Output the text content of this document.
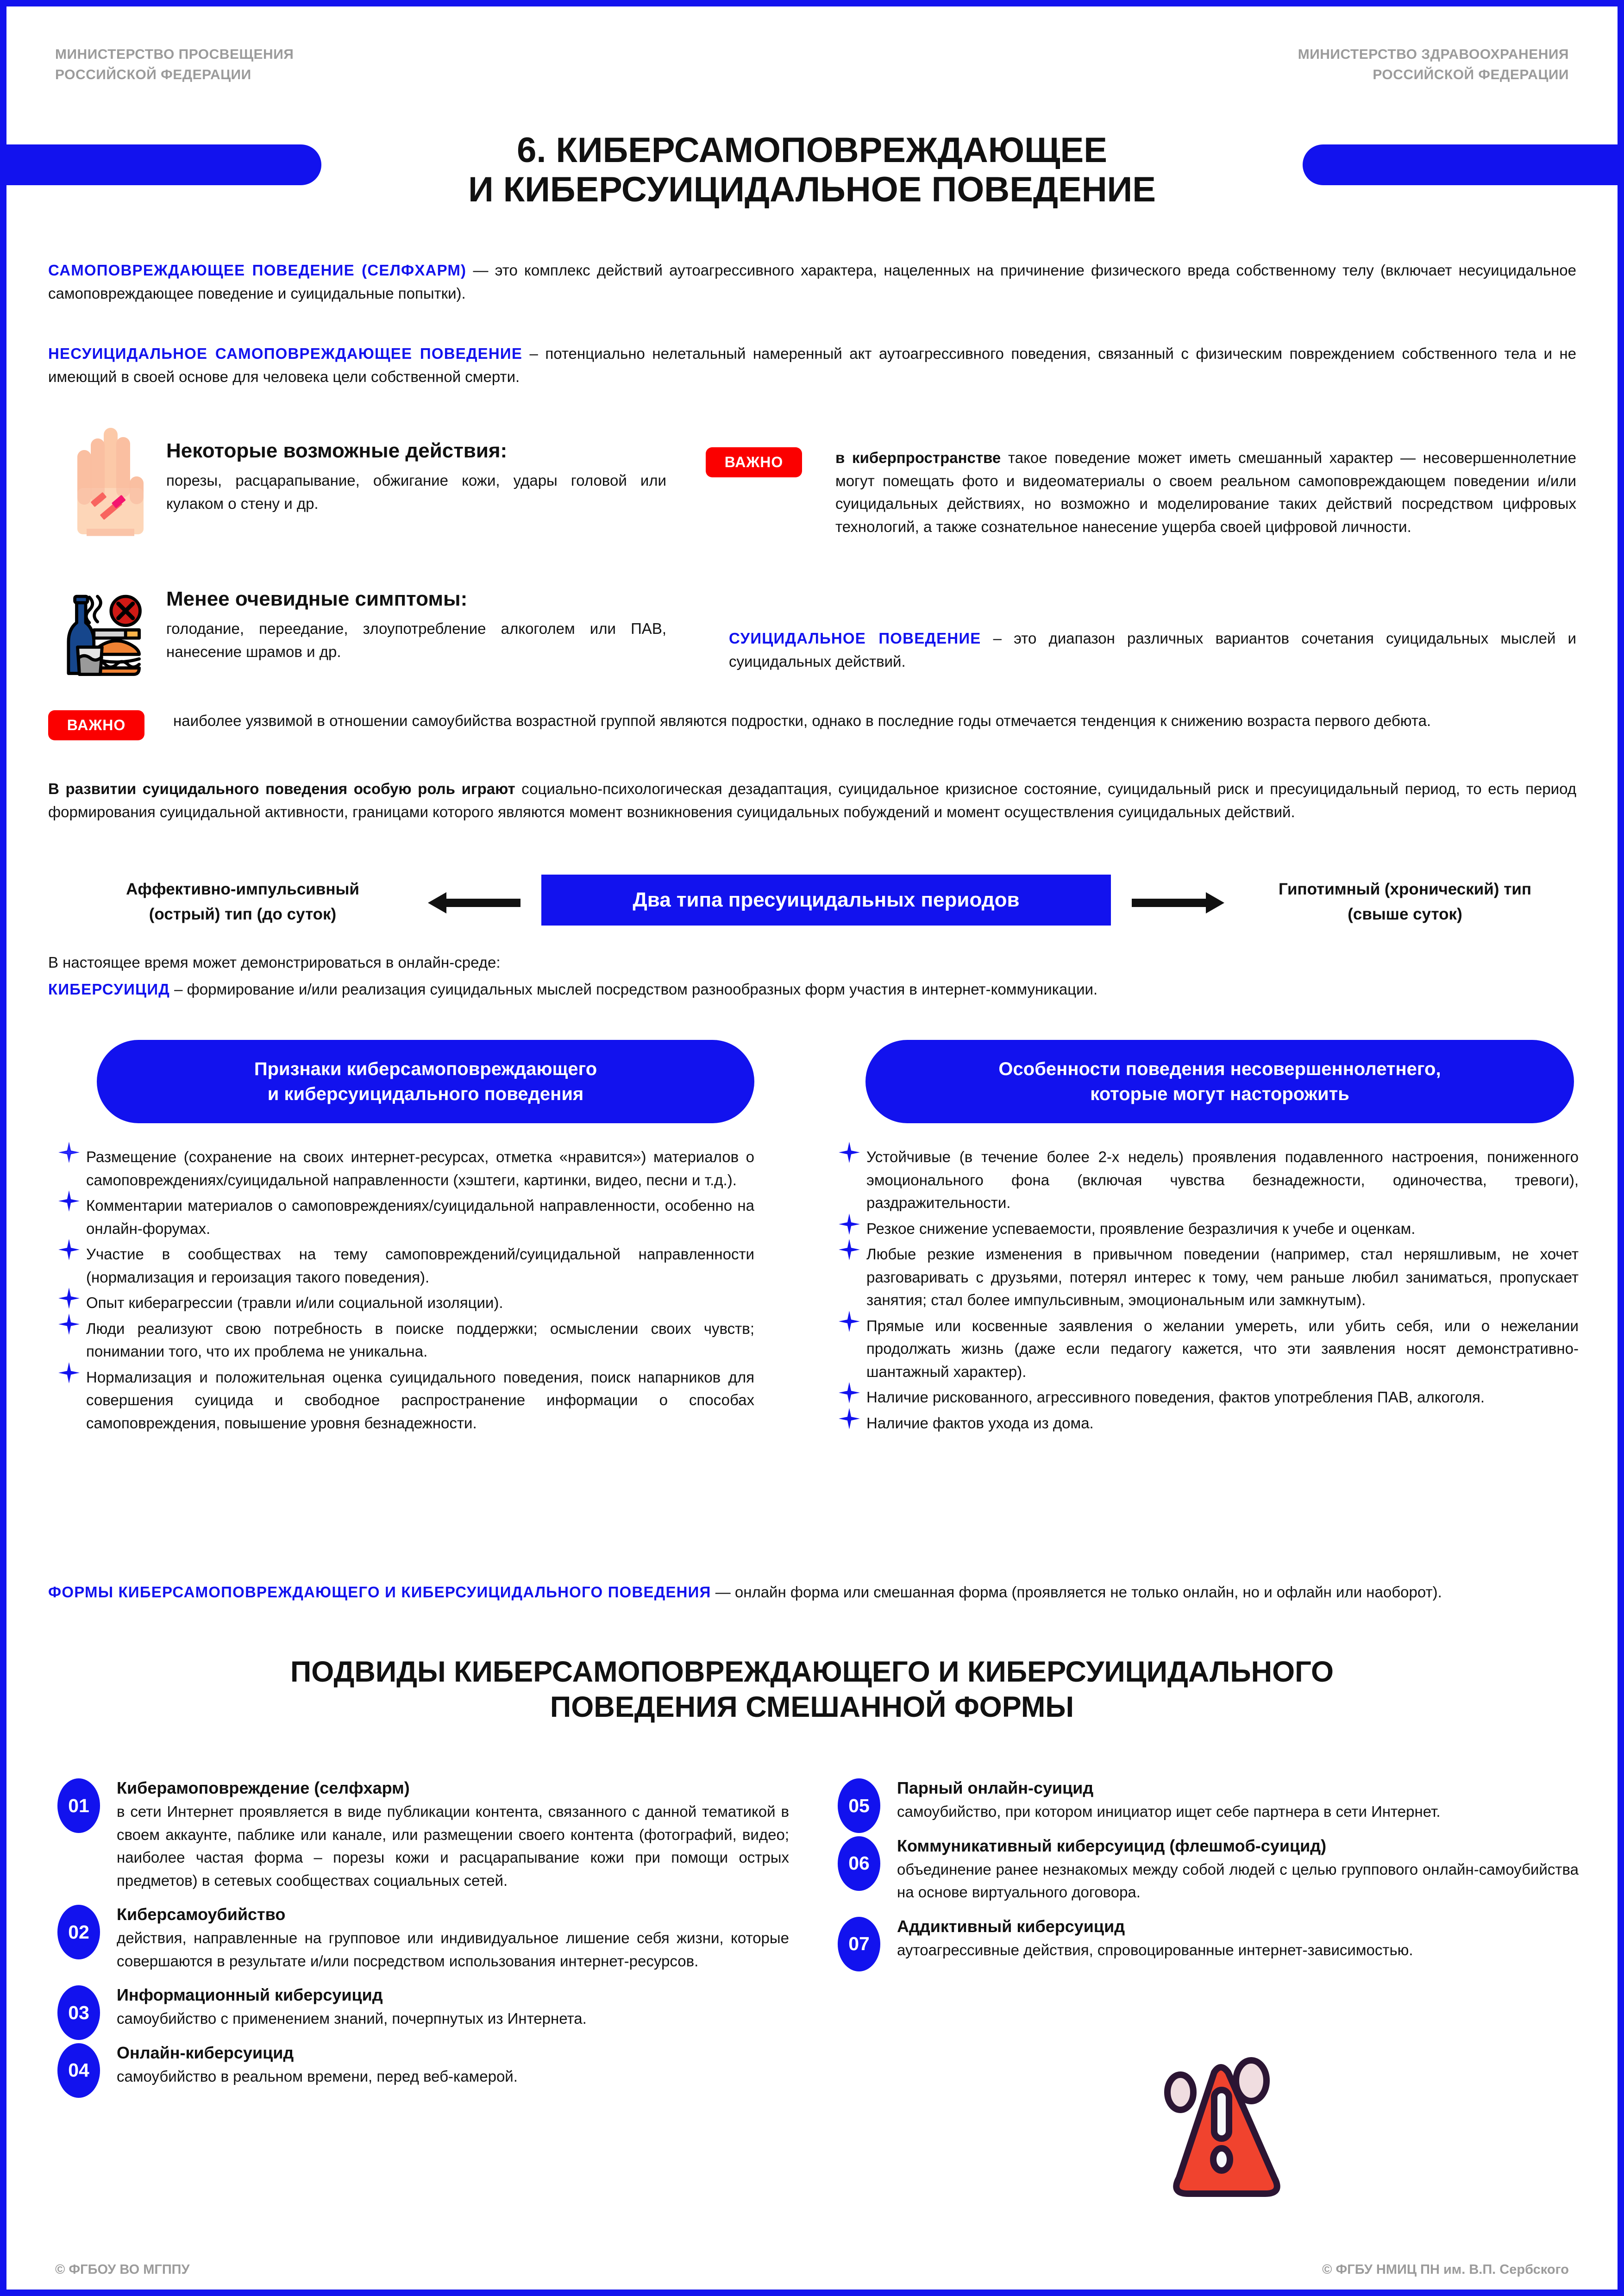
МИНИСТЕРСТВО ПРОСВЕЩЕНИЯ
РОССИЙСКОЙ ФЕДЕРАЦИИ
МИНИСТЕРСТВО ЗДРАВООХРАНЕНИЯ
РОССИЙСКОЙ ФЕДЕРАЦИИ
6. КИБЕРСАМОПОВРЕЖДАЮЩЕЕ
И КИБЕРСУИЦИДАЛЬНОЕ ПОВЕДЕНИЕ
САМОПОВРЕЖДАЮЩЕЕ ПОВЕДЕНИЕ (СЕЛФХАРМ) — это комплекс действий аутоагрессивного характера, нацеленных на причинение физического вреда собственному телу (включает несуицидальное самоповреждающее поведение и суицидальные попытки).
НЕСУИЦИДАЛЬНОЕ САМОПОВРЕЖДАЮЩЕЕ ПОВЕДЕНИЕ – потенциально нелетальный намеренный акт аутоагрессивного поведения, связанный с физическим повреждением собственного тела и не имеющий в своей основе для человека цели собственной смерти.
Некоторые возможные действия:
порезы, расцарапывание, обжигание кожи, удары головой или кулаком о стену и др.
Менее очевидные симптомы:
голодание, переедание, злоупотребление алкоголем или ПАВ, нанесение шрамов и др.
ВАЖНО	в киберпространстве такое поведение может иметь смешанный характер — несовершеннолетние могут помещать фото и видеоматериалы о своем реальном самоповреждающем поведении и/или суицидальных действиях, но возможно и моделирование таких действий посредством цифровых технологий, а также сознательное нанесение ущерба своей цифровой личности.
СУИЦИДАЛЬНОЕ ПОВЕДЕНИЕ – это диапазон различных вариантов сочетания суицидальных мыслей и суицидальных действий.
ВАЖНО	наиболее уязвимой в отношении самоубийства возрастной группой являются подростки, однако в последние годы отмечается тенденция к снижению возраста первого дебюта.
В развитии суицидального поведения особую роль играют социально-психологическая дезадаптация, суицидальное кризисное состояние, суицидальный риск и пресуицидальный период, то есть период формирования суицидальной активности, границами которого являются момент возникновения суицидальных побуждений и момент осуществления суицидальных действий.
Аффективно-импульсивный
(острый) тип (до суток)
Два типа пресуицидальных периодов	Гипотимный (хронический) тип
(свыше суток)
В настоящее время может демонстрироваться в онлайн-среде:
КИБЕРСУИЦИД – формирование и/или реализация суицидальных мыслей посредством разнообразных форм участия в интернет-коммуникации.
Признаки киберсамоповреждающего
и киберсуицидального поведения
Особенности поведения несовершеннолетнего,
которые могут насторожить
Размещение (сохранение на своих интернет-ресурсах, отметка «нравится») материалов о самоповреждениях/суицидальной направленности (хэштеги, картинки, видео, песни и т.д.).
Комментарии материалов о самоповреждениях/суицидальной направленности, особенно на онлайн-форумах.
Участие в сообществах на тему самоповреждений/суицидальной направленности (нормализация и героизация такого поведения).
Опыт киберагрессии (травли и/или социальной изоляции).
Люди реализуют свою потребность в поиске поддержки; осмыслении своих чувств; понимании того, что их проблема не уникальна.
Нормализация и положительная оценка суицидального поведения, поиск напарников для совершения суицида и свободное распространение информации о способах самоповреждения, повышение уровня безнадежности.
Устойчивые (в течение более 2-х недель) проявления подавленного настроения, пониженного эмоционального фона (включая чувства безнадежности, одиночества, тревоги), раздражительности.
Резкое снижение успеваемости, проявление безразличия к учебе и оценкам.
Любые резкие изменения в привычном поведении (например, стал неряшливым, не хочет разговаривать с друзьями, потерял интерес к тому, чем раньше любил заниматься, пропускает занятия; стал более импульсивным, эмоциональным или замкнутым).
Прямые или косвенные заявления о желании умереть, или убить себя, или о нежелании продолжать жизнь (даже если педагогу кажется, что эти заявления носят демонстративно-шантажный характер).
Наличие рискованного, агрессивного поведения, фактов употребления ПАВ, алкоголя.
Наличие фактов ухода из дома.
ФОРМЫ КИБЕРСАМОПОВРЕЖДАЮЩЕГО И КИБЕРСУИЦИДАЛЬНОГО ПОВЕДЕНИЯ — онлайн форма или смешанная форма (проявляется не только онлайн, но и офлайн или наоборот).
ПОДВИДЫ КИБЕРСАМОПОВРЕЖДАЮЩЕГО И КИБЕРСУИЦИДАЛЬНОГО
ПОВЕДЕНИЯ СМЕШАННОЙ ФОРМЫ
01
Киберамоповреждение (селфхарм)
в сети Интернет проявляется в виде публикации контента, связанного с данной тематикой в своем аккаунте, паблике или канале, или размещении своего контента (фотографий, видео; наиболее частая форма – порезы кожи и расцарапывание кожи при помощи острых предметов) в сетевых сообществах социальных сетей.
02
Киберсамоубийство
действия, направленные на групповое или индивидуальное лишение себя жизни, которые совершаются в результате и/или посредством использования интернет-ресурсов.
03
Информационный киберсуицид
самоубийство с применением знаний, почерпнутых из Интернета.
04
Онлайн-киберсуицид
самоубийство в реальном времени, перед веб-камерой.
05
Парный онлайн-суицид
самоубийство, при котором инициатор ищет себе партнера в сети Интернет.
06
Коммуникативный киберсуицид (флешмоб-суицид)
объединение ранее незнакомых между собой людей с целью группового онлайн-самоубийства на основе виртуального договора.
07
Аддиктивный киберсуицид
аутоагрессивные действия, спровоцированные интернет-зависимостью.
© ФГБОУ ВО МГППУ	© ФГБУ НМИЦ ПН им. В.П. Сербского
